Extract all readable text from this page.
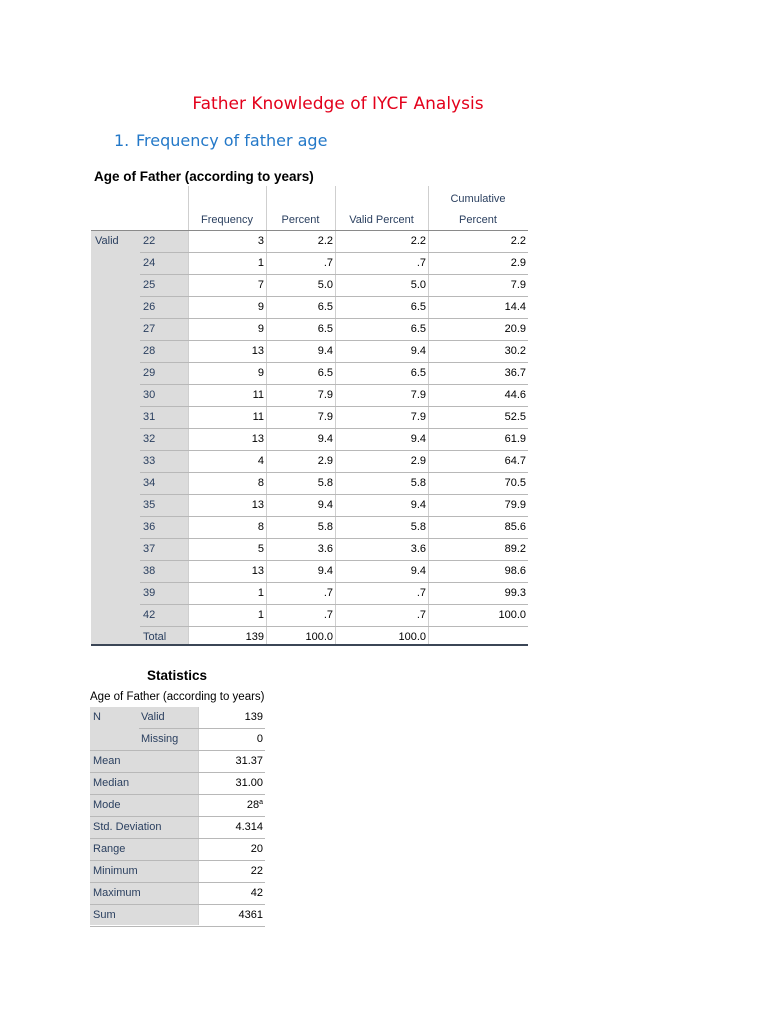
Father Knowledge of IYCF Analysis
1. Frequency of father age
Age of Father (according to years)
Frequency	Percent	Valid Percent
Cumulative
Percent
Valid 22	3	2.2	2.2	2.2
24	1	.7	.7	2.9
25	7	5.0	5.0	7.9
26	9	6.5	6.5	14.4
27	9	6.5	6.5	20.9
28	13	9.4	9.4	30.2
29	9	6.5	6.5	36.7
30	11	7.9	7.9	44.6
31	11	7.9	7.9	52.5
32	13	9.4	9.4	61.9
33	4	2.9	2.9	64.7
34	8	5.8	5.8	70.5
35	13	9.4	9.4	79.9
36	8	5.8	5.8	85.6
37	5	3.6	3.6	89.2
38	13	9.4	9.4	98.6
39	1	.7	.7	99.3
42	1	.7	.7	100.0
Total	139	100.0	100.0
Statistics
Age of Father (according to years)
N	Valid	139
Missing	0
Mean	31.37
Median	31.00
Mode	28$^a$
Std. Deviation	4.314
Range	20
Minimum	22
Maximum	42
Sum	4361
